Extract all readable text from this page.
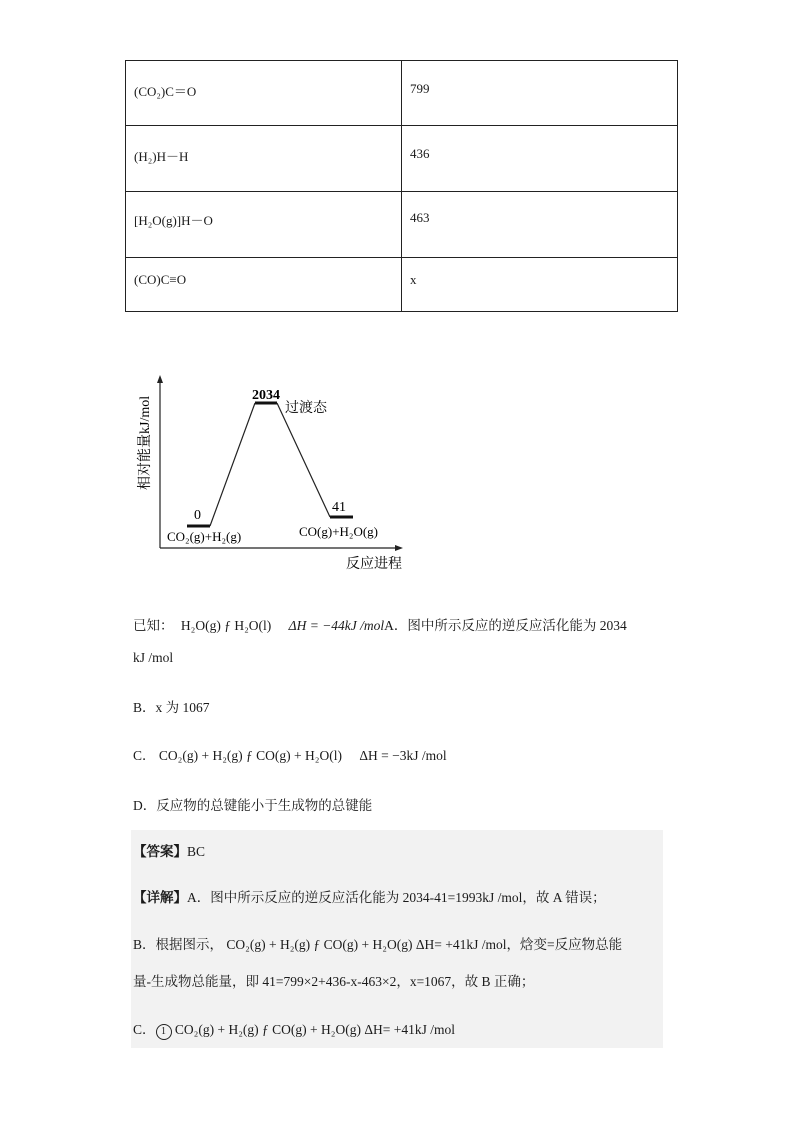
(CO₂)C＝O	799
(H₂)H－H	436
[H₂O(g)]H－O	463
(CO)C≡O	x
相对能量kJ/mol
反应进程
0
2034
41
过渡态
CO₂(g)+H₂(g)	CO(g)+H₂O(g)
已知： H₂O(g) ƒ H₂O(l) ΔH = −44kJ /molA．图中所示反应的逆反应活化能为 2034
kJ /mol
B．x 为 1067
C． CO₂(g) + H₂(g) ƒ CO(g) + H₂O(l) ΔH = −3kJ /mol
D．反应物的总键能小于生成物的总键能
【答案】BC
【详解】A．图中所示反应的逆反应活化能为 2034-41=1993kJ /mol，故 A 错误；
B．根据图示， CO₂(g) + H₂(g) ƒ CO(g) + H₂O(g) ΔH= +41kJ /mol，焓变=反应物总能
量-生成物总能量，即 41=799×2+436-x-463×2，x=1067，故 B 正确；
C． 1 CO₂(g) + H₂(g) ƒ CO(g) + H₂O(g) ΔH= +41kJ /mol
